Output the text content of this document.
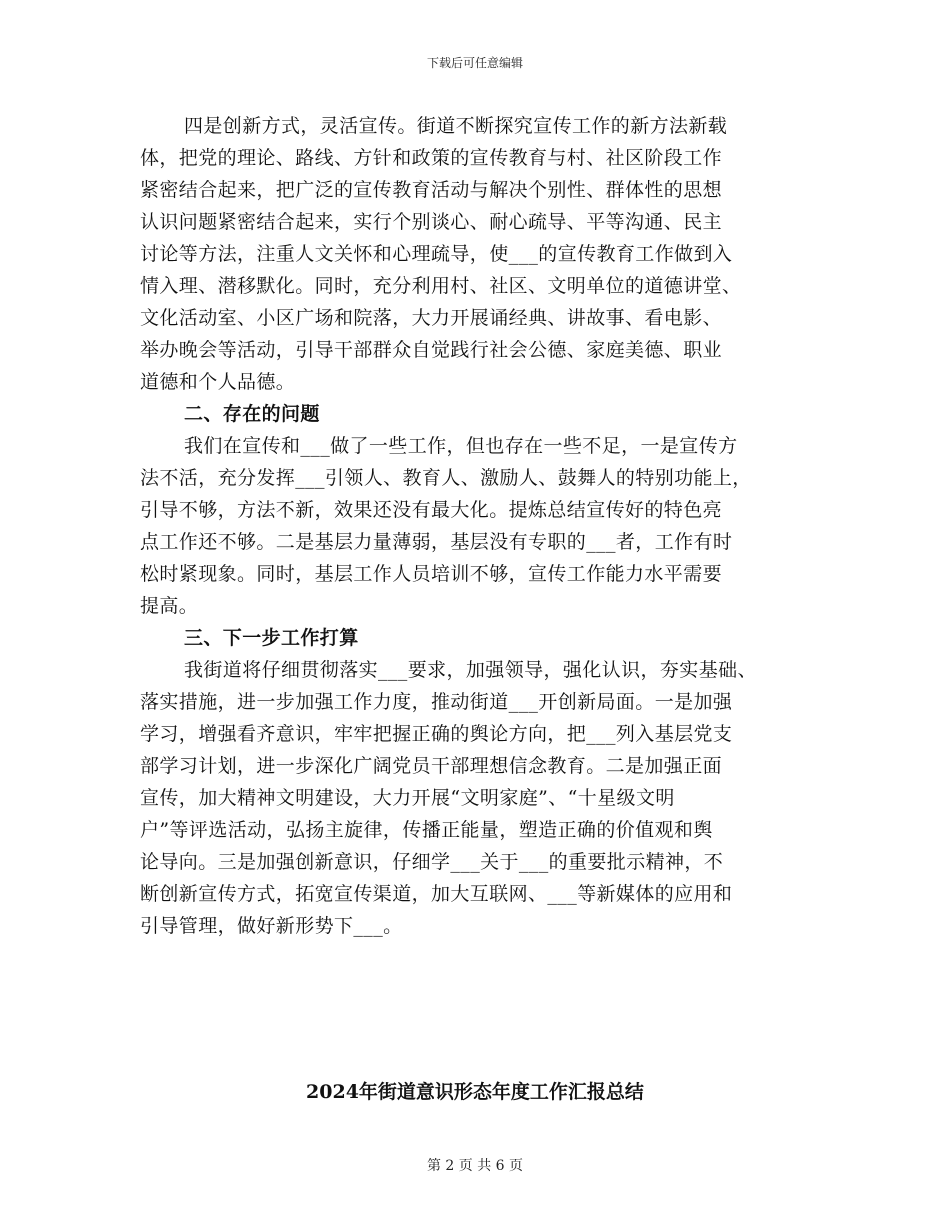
下载后可任意编辑
四是创新方式，灵活宣传。街道不断探究宣传工作的新方法新载
体，把党的理论、路线、方针和政策的宣传教育与村、社区阶段工作
紧密结合起来，把广泛的宣传教育活动与解决个别性、群体性的思想
认识问题紧密结合起来，实行个别谈心、耐心疏导、平等沟通、民主
讨论等方法，注重人文关怀和心理疏导，使___的宣传教育工作做到入
情入理、潜移默化。同时，充分利用村、社区、文明单位的道德讲堂、
文化活动室、小区广场和院落，大力开展诵经典、讲故事、看电影、
举办晚会等活动，引导干部群众自觉践行社会公德、家庭美德、职业
道德和个人品德。
二、存在的问题
我们在宣传和___做了一些工作，但也存在一些不足，一是宣传方
法不活，充分发挥___引领人、教育人、激励人、鼓舞人的特别功能上，
引导不够，方法不新，效果还没有最大化。提炼总结宣传好的特色亮
点工作还不够。二是基层力量薄弱，基层没有专职的___者，工作有时
松时紧现象。同时，基层工作人员培训不够，宣传工作能力水平需要
提高。
三、下一步工作打算
我街道将仔细贯彻落实___要求，加强领导，强化认识，夯实基础、
落实措施，进一步加强工作力度，推动街道___开创新局面。一是加强
学习，增强看齐意识，牢牢把握正确的舆论方向，把___列入基层党支
部学习计划，进一步深化广阔党员干部理想信念教育。二是加强正面
宣传，加大精神文明建设，大力开展“文明家庭”、“十星级文明
户”等评选活动，弘扬主旋律，传播正能量，塑造正确的价值观和舆
论导向。三是加强创新意识，仔细学___关于___的重要批示精神，不
断创新宣传方式，拓宽宣传渠道，加大互联网、___等新媒体的应用和
引导管理，做好新形势下___。
2024年街道意识形态年度工作汇报总结
第 2 页 共 6 页
